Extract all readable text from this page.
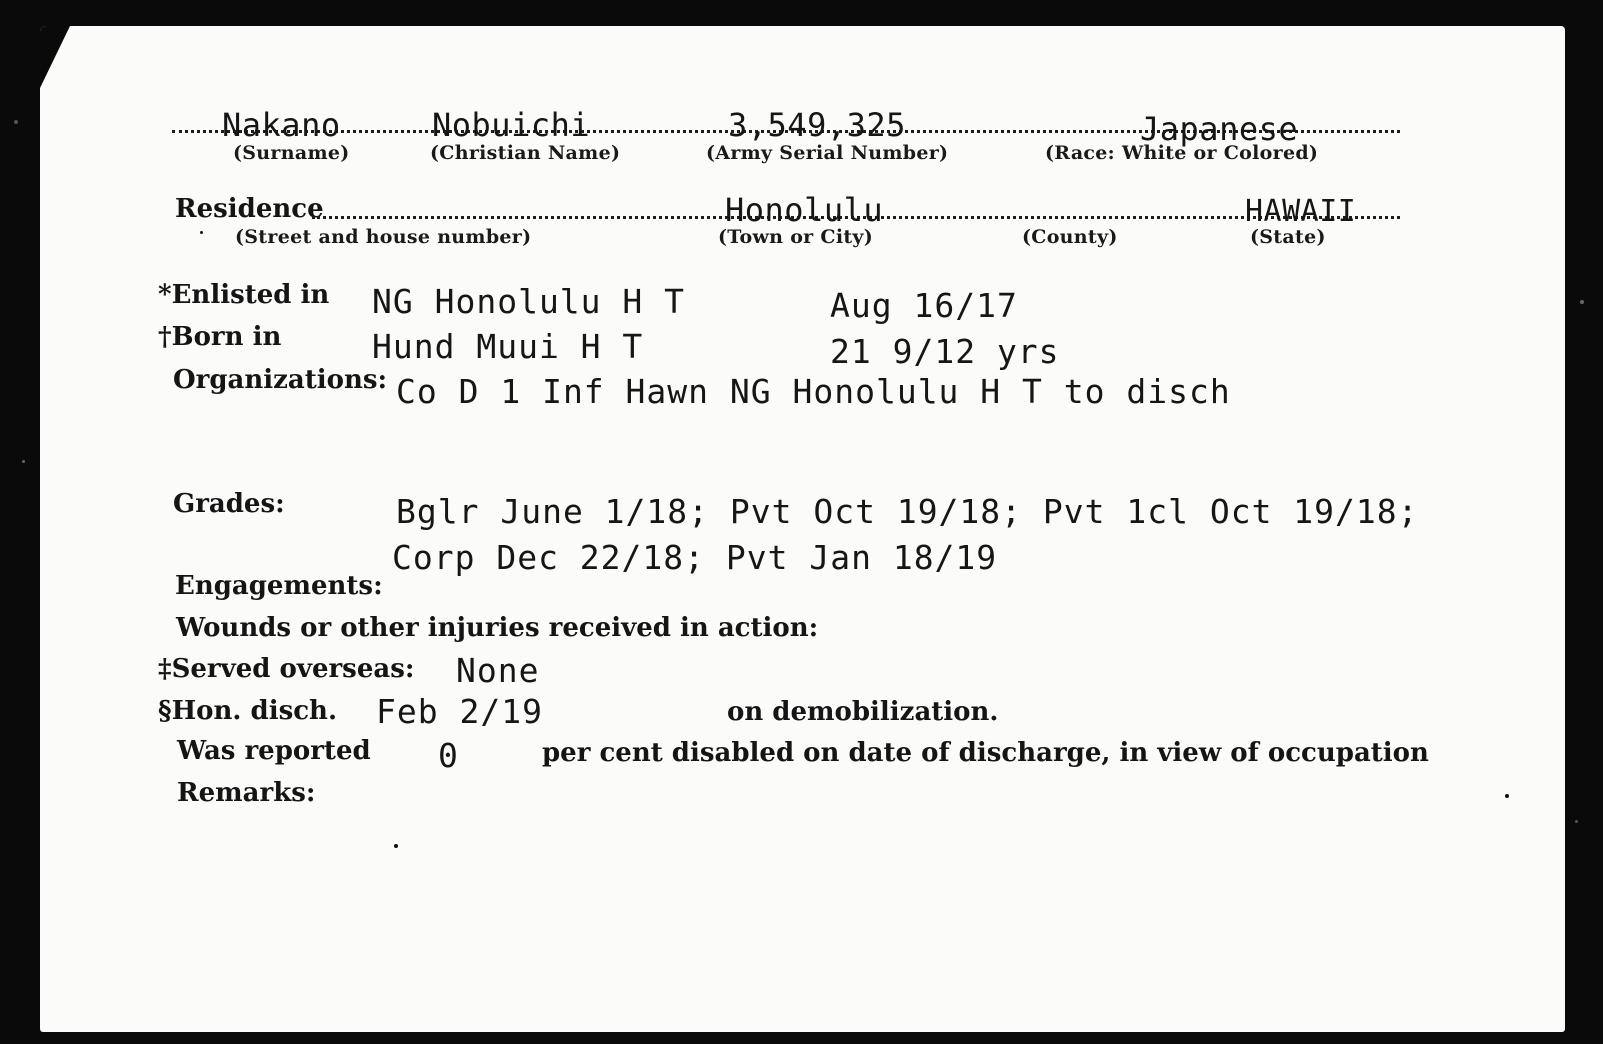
Nakano	Nobuichi	3,549,325	Japanese
(Surname)	(Christian Name)	(Army Serial Number)	(Race: White or Colored)
Residence	Honolulu	HAWAII
(Street and house number)	(Town or City)	(County)	(State)
*Enlisted in NG Honolulu H T	Aug 16/17
†Born in	Hund Muui H T	21 9/12 yrs
Organizations: Co D 1 Inf Hawn NG Honolulu H T to disch
Grades:	Bglr June 1/18; Pvt Oct 19/18; Pvt 1cl Oct 19/18;
Corp Dec 22/18; Pvt Jan 18/19
Engagements:
Wounds or other injuries received in action:
‡Served overseas: None
§Hon. disch. Feb 2/19	on demobilization.
Was reported 0	per cent disabled on date of discharge, in view of occupation
Remarks:
